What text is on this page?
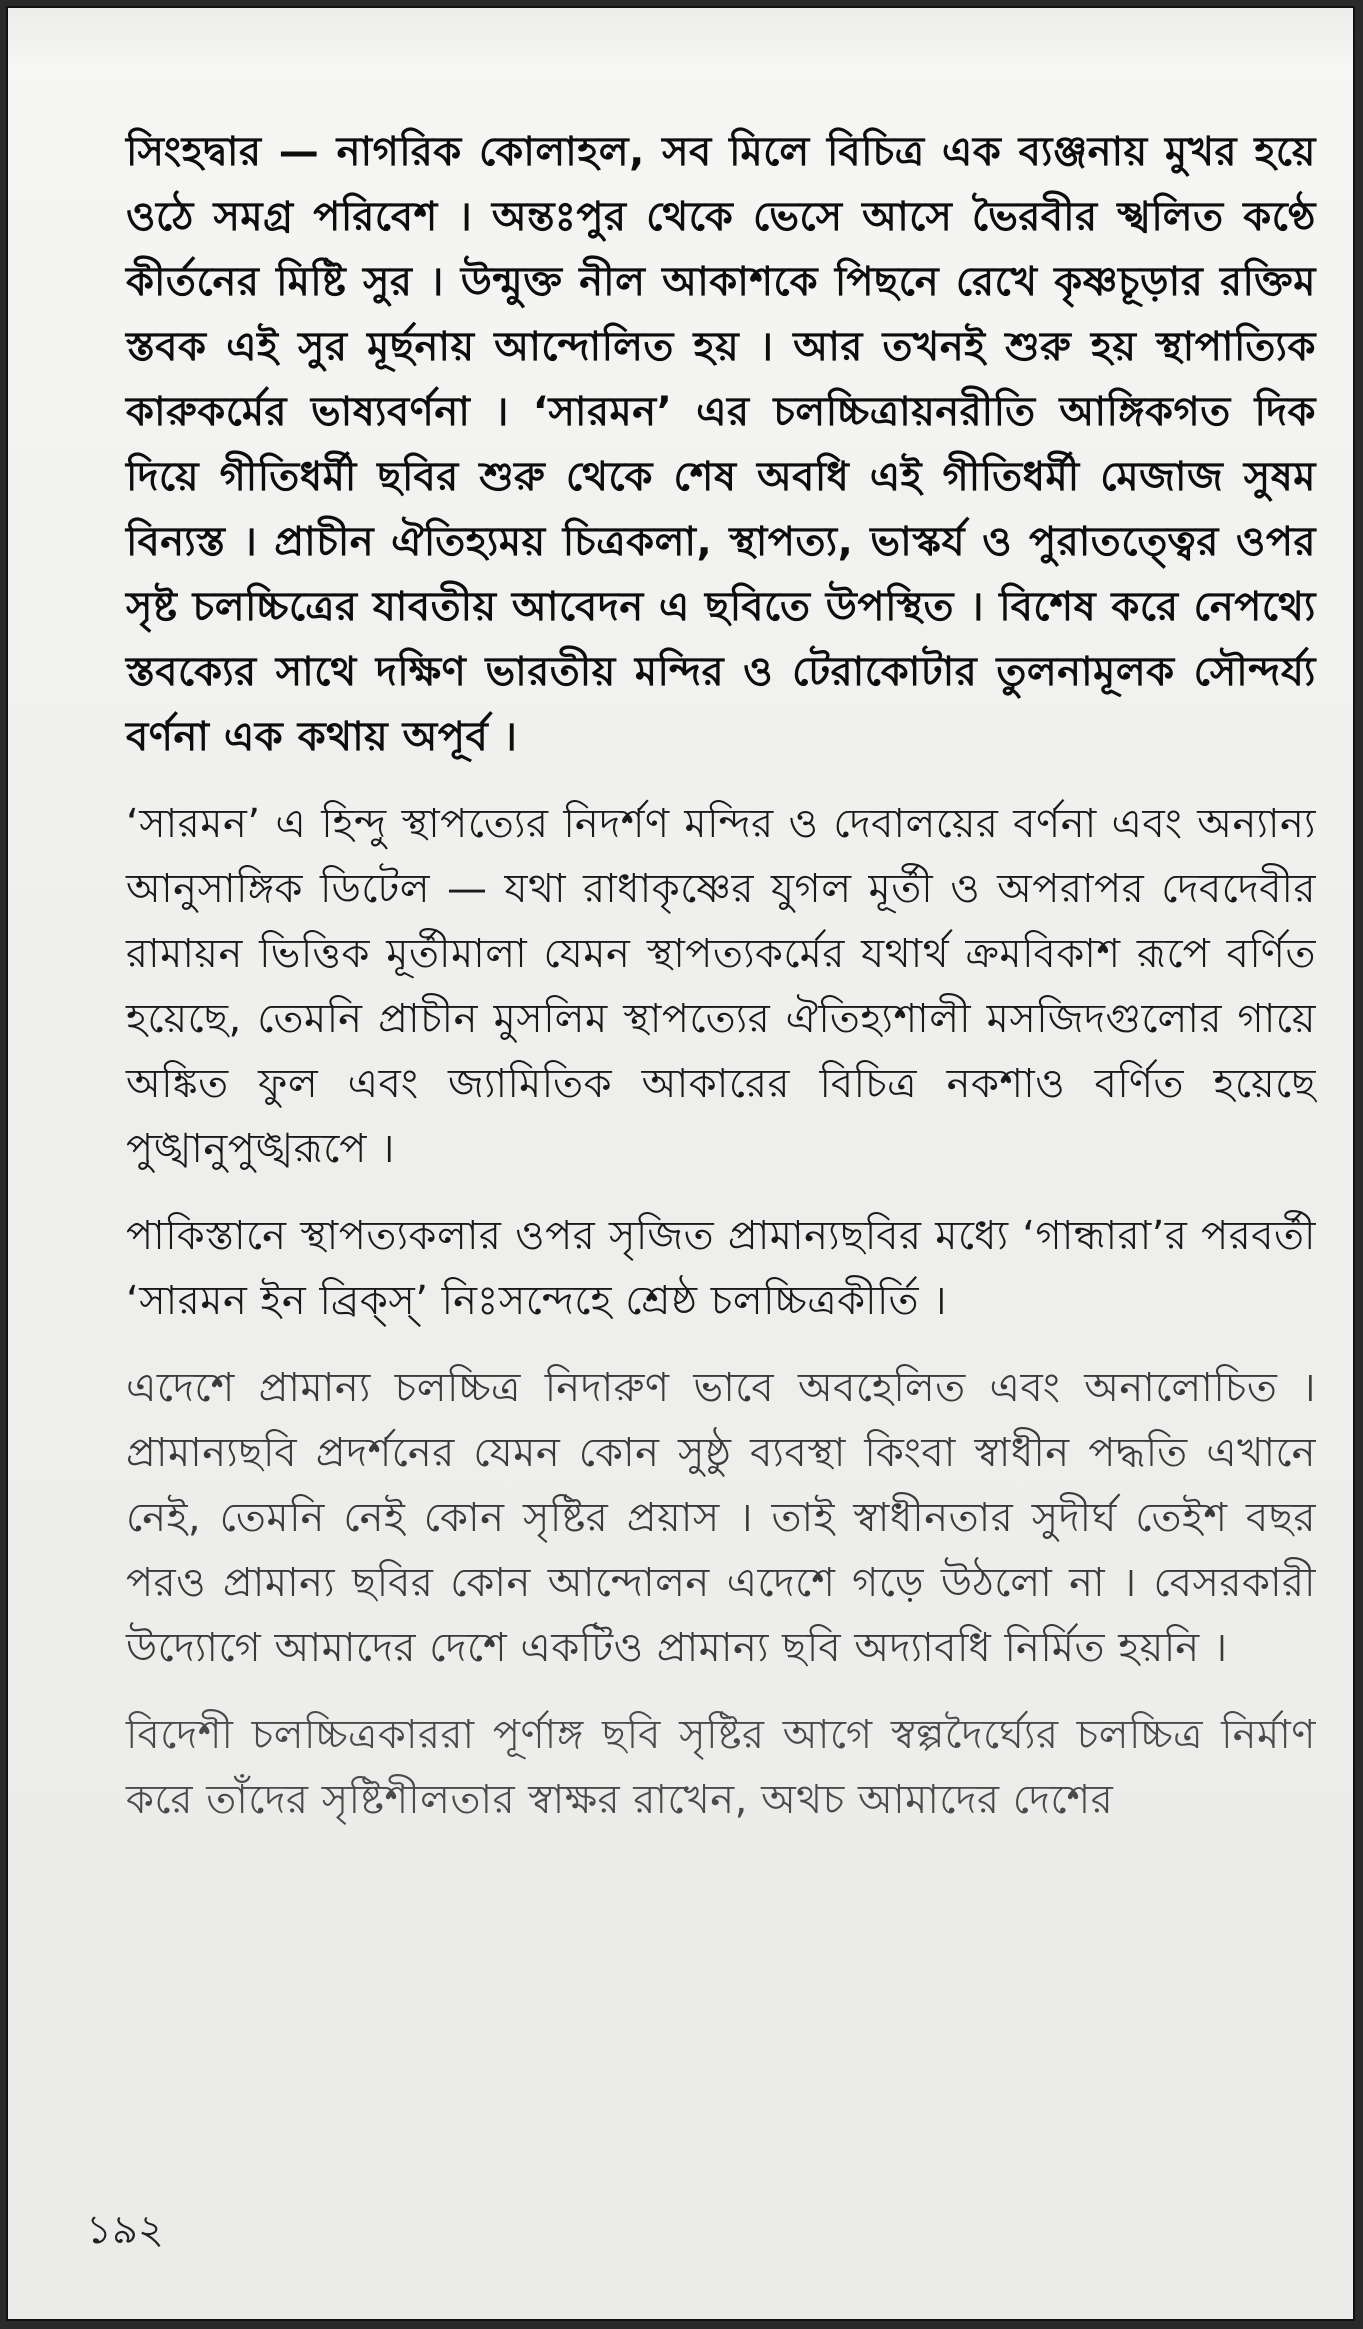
সিংহদ্বার — নাগরিক কোলাহল, সব মিলে বিচিত্র এক ব্যঞ্জনায় মুখর হয়ে ওঠে সমগ্র পরিবেশ । অন্তঃপুর থেকে ভেসে আসে ভৈরবীর স্খলিত কণ্ঠে কীর্তনের মিষ্টি সুর । উন্মুক্ত নীল আকাশকে পিছনে রেখে কৃষ্ণচূড়ার রক্তিম স্তবক এই সুর মূর্ছনায় আন্দোলিত হয় । আর তখনই শুরু হয় স্থাপাত্যিক কারুকর্মের ভাষ্যবর্ণনা । ‘সারমন’ এর চলচ্চিত্রায়নরীতি আঙ্গিকগত দিক দিয়ে গীতিধর্মী ছবির শুরু থেকে শেষ অবধি এই গীতিধর্মী মেজাজ সুষম বিন্যস্ত । প্রাচীন ঐতিহ্যময় চিত্রকলা, স্থাপত্য, ভাস্কর্য ও পুরাতত্ত্বের ওপর সৃষ্ট চলচ্চিত্রের যাবতীয় আবেদন এ ছবিতে উপস্থিত । বিশেষ করে নেপথ্যে স্তবক্যের সাথে দক্ষিণ ভারতীয় মন্দির ও টেরাকোটার তুলনামূলক সৌন্দর্য্য বর্ণনা এক কথায় অপূর্ব ।

‘সারমন’ এ হিন্দু স্থাপত্যের নিদর্শণ মন্দির ও দেবালয়ের বর্ণনা এবং অন্যান্য আনুসাঙ্গিক ডিটেল — যথা রাধাকৃষ্ণের যুগল মূর্তী ও অপরাপর দেবদেবীর রামায়ন ভিত্তিক মূর্তীমালা যেমন স্থাপত্যকর্মের যথার্থ ক্রমবিকাশ রূপে বর্ণিত হয়েছে, তেমনি প্রাচীন মুসলিম স্থাপত্যের ঐতিহ্যশালী মসজিদগুলোর গায়ে অঙ্কিত ফুল এবং জ্যামিতিক আকারের বিচিত্র নকশাও বর্ণিত হয়েছে পুঙ্খানুপুঙ্খরূপে ।

পাকিস্তানে স্থাপত্যকলার ওপর সৃজিত প্রামান্যছবির মধ্যে ‘গান্ধারা’র পরবর্তী ‘সারমন ইন ব্রিক্‌স্’ নিঃসন্দেহে শ্রেষ্ঠ চলচ্চিত্রকীর্তি ।

এদেশে প্রামান্য চলচ্চিত্র নিদারুণ ভাবে অবহেলিত এবং অনালোচিত । প্রামান্যছবি প্রদর্শনের যেমন কোন সুষ্ঠু ব্যবস্থা কিংবা স্বাধীন পদ্ধতি এখানে নেই, তেমনি নেই কোন সৃষ্টির প্রয়াস । তাই স্বাধীনতার সুদীর্ঘ তেইশ বছর পরও প্রামান্য ছবির কোন আন্দোলন এদেশে গড়ে উঠলো না । বেসরকারী উদ্যোগে আমাদের দেশে একটিও প্রামান্য ছবি অদ্যাবধি নির্মিত হয়নি ।

বিদেশী চলচ্চিত্রকাররা পূর্ণাঙ্গ ছবি সৃষ্টির আগে স্বল্পদৈর্ঘ্যের চলচ্চিত্র নির্মাণ করে তাঁদের সৃষ্টিশীলতার স্বাক্ষর রাখেন, অথচ আমাদের দেশের

১৯২
